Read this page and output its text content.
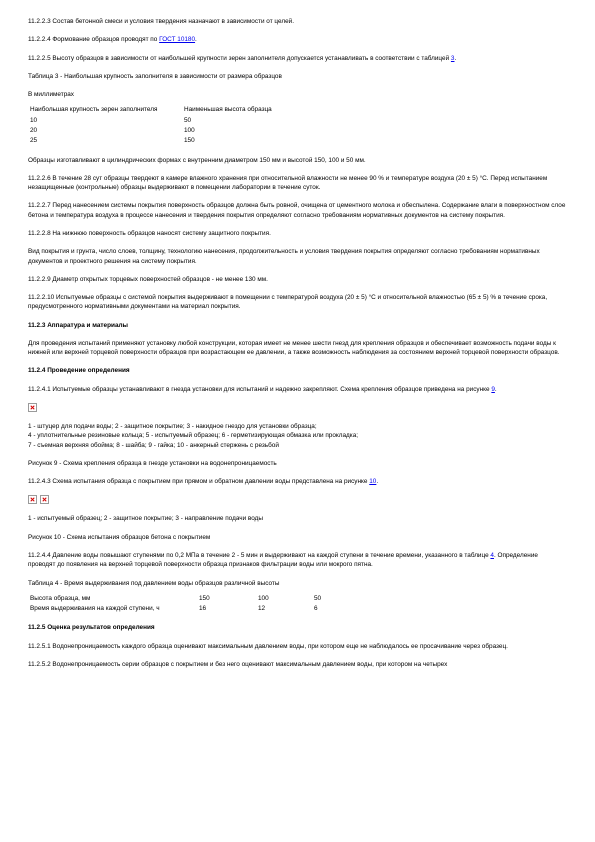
11.2.2.3 Состав бетонной смеси и условия твердения назначают в зависимости от целей.

11.2.2.4 Формование образцов проводят по ГОСТ 10180.

11.2.2.5 Высоту образцов в зависимости от наибольшей крупности зерен заполнителя допускается устанавливать в соответствии с таблицей 3.

Таблица 3 - Наибольшая крупность заполнителя в зависимости от размера образцов

В миллиметрах

Наибольшая крупность зерен заполнителя	Наименьшая высота образца
10	50
20	100
25	150

Образцы изготавливают в цилиндрических формах с внутренним диаметром 150 мм и высотой 150, 100 и 50 мм.

11.2.2.6 В течение 28 сут образцы твердеют в камере влажного хранения при относительной влажности не менее 90 % и температуре воздуха (20 ± 5) °С. Перед испытанием незащищенные (контрольные) образцы выдерживают в помещении лаборатории в течение суток.

11.2.2.7 Перед нанесением системы покрытия поверхность образцов должна быть ровной, очищена от цементного молока и обеспылена. Содержание влаги в поверхностном слое бетона и температура воздуха в процессе нанесения и твердения покрытия определяют согласно требованиям нормативных документов на систему покрытия.

11.2.2.8 На нижнюю поверхность образцов наносят систему защитного покрытия.

Вид покрытия и грунта, число слоев, толщину, технологию нанесения, продолжительность и условия твердения покрытия определяют согласно требованиям нормативных документов и проектного решения на систему покрытия.

11.2.2.9 Диаметр открытых торцевых поверхностей образцов - не менее 130 мм.

11.2.2.10 Испытуемые образцы с системой покрытия выдерживают в помещении с температурой воздуха (20 ± 5) °С и относительной влажностью (65 ± 5) % в течение срока, предусмотренного нормативными документами на материал покрытия.

11.2.3 Аппаратура и материалы

Для проведения испытаний применяют установку любой конструкции, которая имеет не менее шести гнезд для крепления образцов и обеспечивает возможность подачи воды к нижней или верхней торцевой поверхности образцов при возрастающем ее давлении, а также возможность наблюдения за состоянием верхней торцевой поверхности образцов.

11.2.4 Проведение определения

11.2.4.1 Испытуемые образцы устанавливают в гнезда установки для испытаний и надежно закрепляют. Схема крепления образцов приведена на рисунке 9.

1 - штуцер для подачи воды; 2 - защитное покрытие; 3 - накидное гнездо для установки образца;
4 - уплотнительные резиновые кольца; 5 - испытуемый образец; 6 - герметизирующая обмазка или прокладка;
7 - съемная верхняя обойма; 8 - шайба; 9 - гайка; 10 - анкерный стержень с резьбой

Рисунок 9 - Схема крепления образца в гнезде установки на водонепроницаемость

11.2.4.3 Схема испытания образца с покрытием при прямом и обратном давлении воды представлена на рисунке 10.

1 - испытуемый образец; 2 - защитное покрытие; 3 - направление подачи воды

Рисунок 10 - Схема испытания образцов бетона с покрытием

11.2.4.4 Давление воды повышают ступенями по 0,2 МПа в течение 2 - 5 мин и выдерживают на каждой ступени в течение времени, указанного в таблице 4. Определение проводят до появления на верхней торцевой поверхности образца признаков фильтрации воды или мокрого пятна.

Таблица 4 - Время выдерживания под давлением воды образцов различной высоты

Высота образца, мм	150	100	50
Время выдерживания на каждой ступени, ч	16	12	6

11.2.5 Оценка результатов определения

11.2.5.1 Водонепроницаемость каждого образца оценивают максимальным давлением воды, при котором еще не наблюдалось ее просачивание через образец.

11.2.5.2 Водонепроницаемость серии образцов с покрытием и без него оценивают максимальным давлением воды, при котором на четырех
